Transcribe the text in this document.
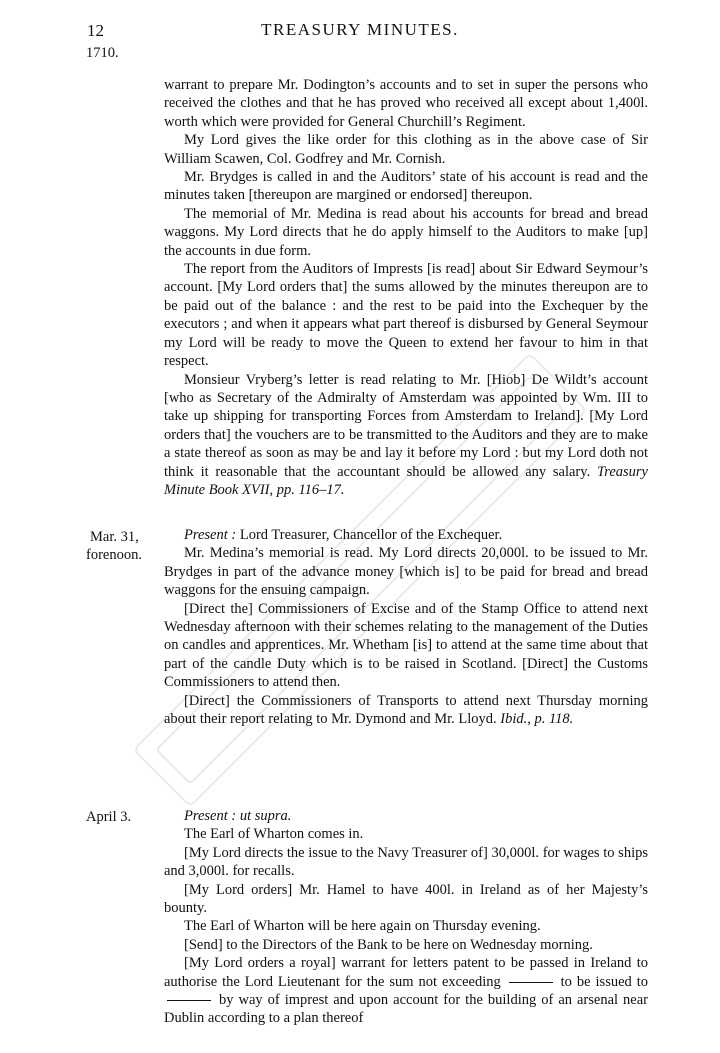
12	TREASURY MINUTES.
1710.

warrant to prepare Mr. Dodington’s accounts and to set in super the persons who received the clothes and that he has proved who received all except about 1,400l. worth which were provided for General Churchill’s Regiment.

My Lord gives the like order for this clothing as in the above case of Sir William Scawen, Col. Godfrey and Mr. Cornish.

Mr. Brydges is called in and the Auditors’ state of his account is read and the minutes taken [thereupon are margined or endorsed] thereupon.

The memorial of Mr. Medina is read about his accounts for bread and bread waggons. My Lord directs that he do apply himself to the Auditors to make [up] the accounts in due form.

The report from the Auditors of Imprests [is read] about Sir Edward Seymour’s account. [My Lord orders that] the sums allowed by the minutes thereupon are to be paid out of the balance : and the rest to be paid into the Exchequer by the executors ; and when it appears what part thereof is disbursed by General Seymour my Lord will be ready to move the Queen to extend her favour to him in that respect.

Monsieur Vryberg’s letter is read relating to Mr. [Hiob] De Wildt’s account [who as Secretary of the Admiralty of Amsterdam was appointed by Wm. III to take up shipping for transporting Forces from Amsterdam to Ireland]. [My Lord orders that] the vouchers are to be transmitted to the Auditors and they are to make a state thereof as soon as may be and lay it before my Lord : but my Lord doth not think it reasonable that the accountant should be allowed any salary. Treasury Minute Book XVII, pp. 116–17.

Mar. 31,
forenoon.

Present : Lord Treasurer, Chancellor of the Exchequer.

Mr. Medina’s memorial is read. My Lord directs 20,000l. to be issued to Mr. Brydges in part of the advance money [which is] to be paid for bread and bread waggons for the ensuing campaign.

[Direct the] Commissioners of Excise and of the Stamp Office to attend next Wednesday afternoon with their schemes relating to the management of the Duties on candles and apprentices. Mr. Whetham [is] to attend at the same time about that part of the candle Duty which is to be raised in Scotland. [Direct] the Customs Commissioners to attend then.

[Direct] the Commissioners of Transports to attend next Thursday morning about their report relating to Mr. Dymond and Mr. Lloyd. Ibid., p. 118.

April 3.	Present : ut supra.

The Earl of Wharton comes in.

[My Lord directs the issue to the Navy Treasurer of] 30,000l. for wages to ships and 3,000l. for recalls.

[My Lord orders] Mr. Hamel to have 400l. in Ireland as of her Majesty’s bounty.

The Earl of Wharton will be here again on Thursday evening.

[Send] to the Directors of the Bank to be here on Wednesday morning.

[My Lord orders a royal] warrant for letters patent to be passed in Ireland to authorise the Lord Lieutenant for the sum not exceeding	to be issued to  by way of imprest and upon account for the building of an arsenal near Dublin according to a plan thereof
